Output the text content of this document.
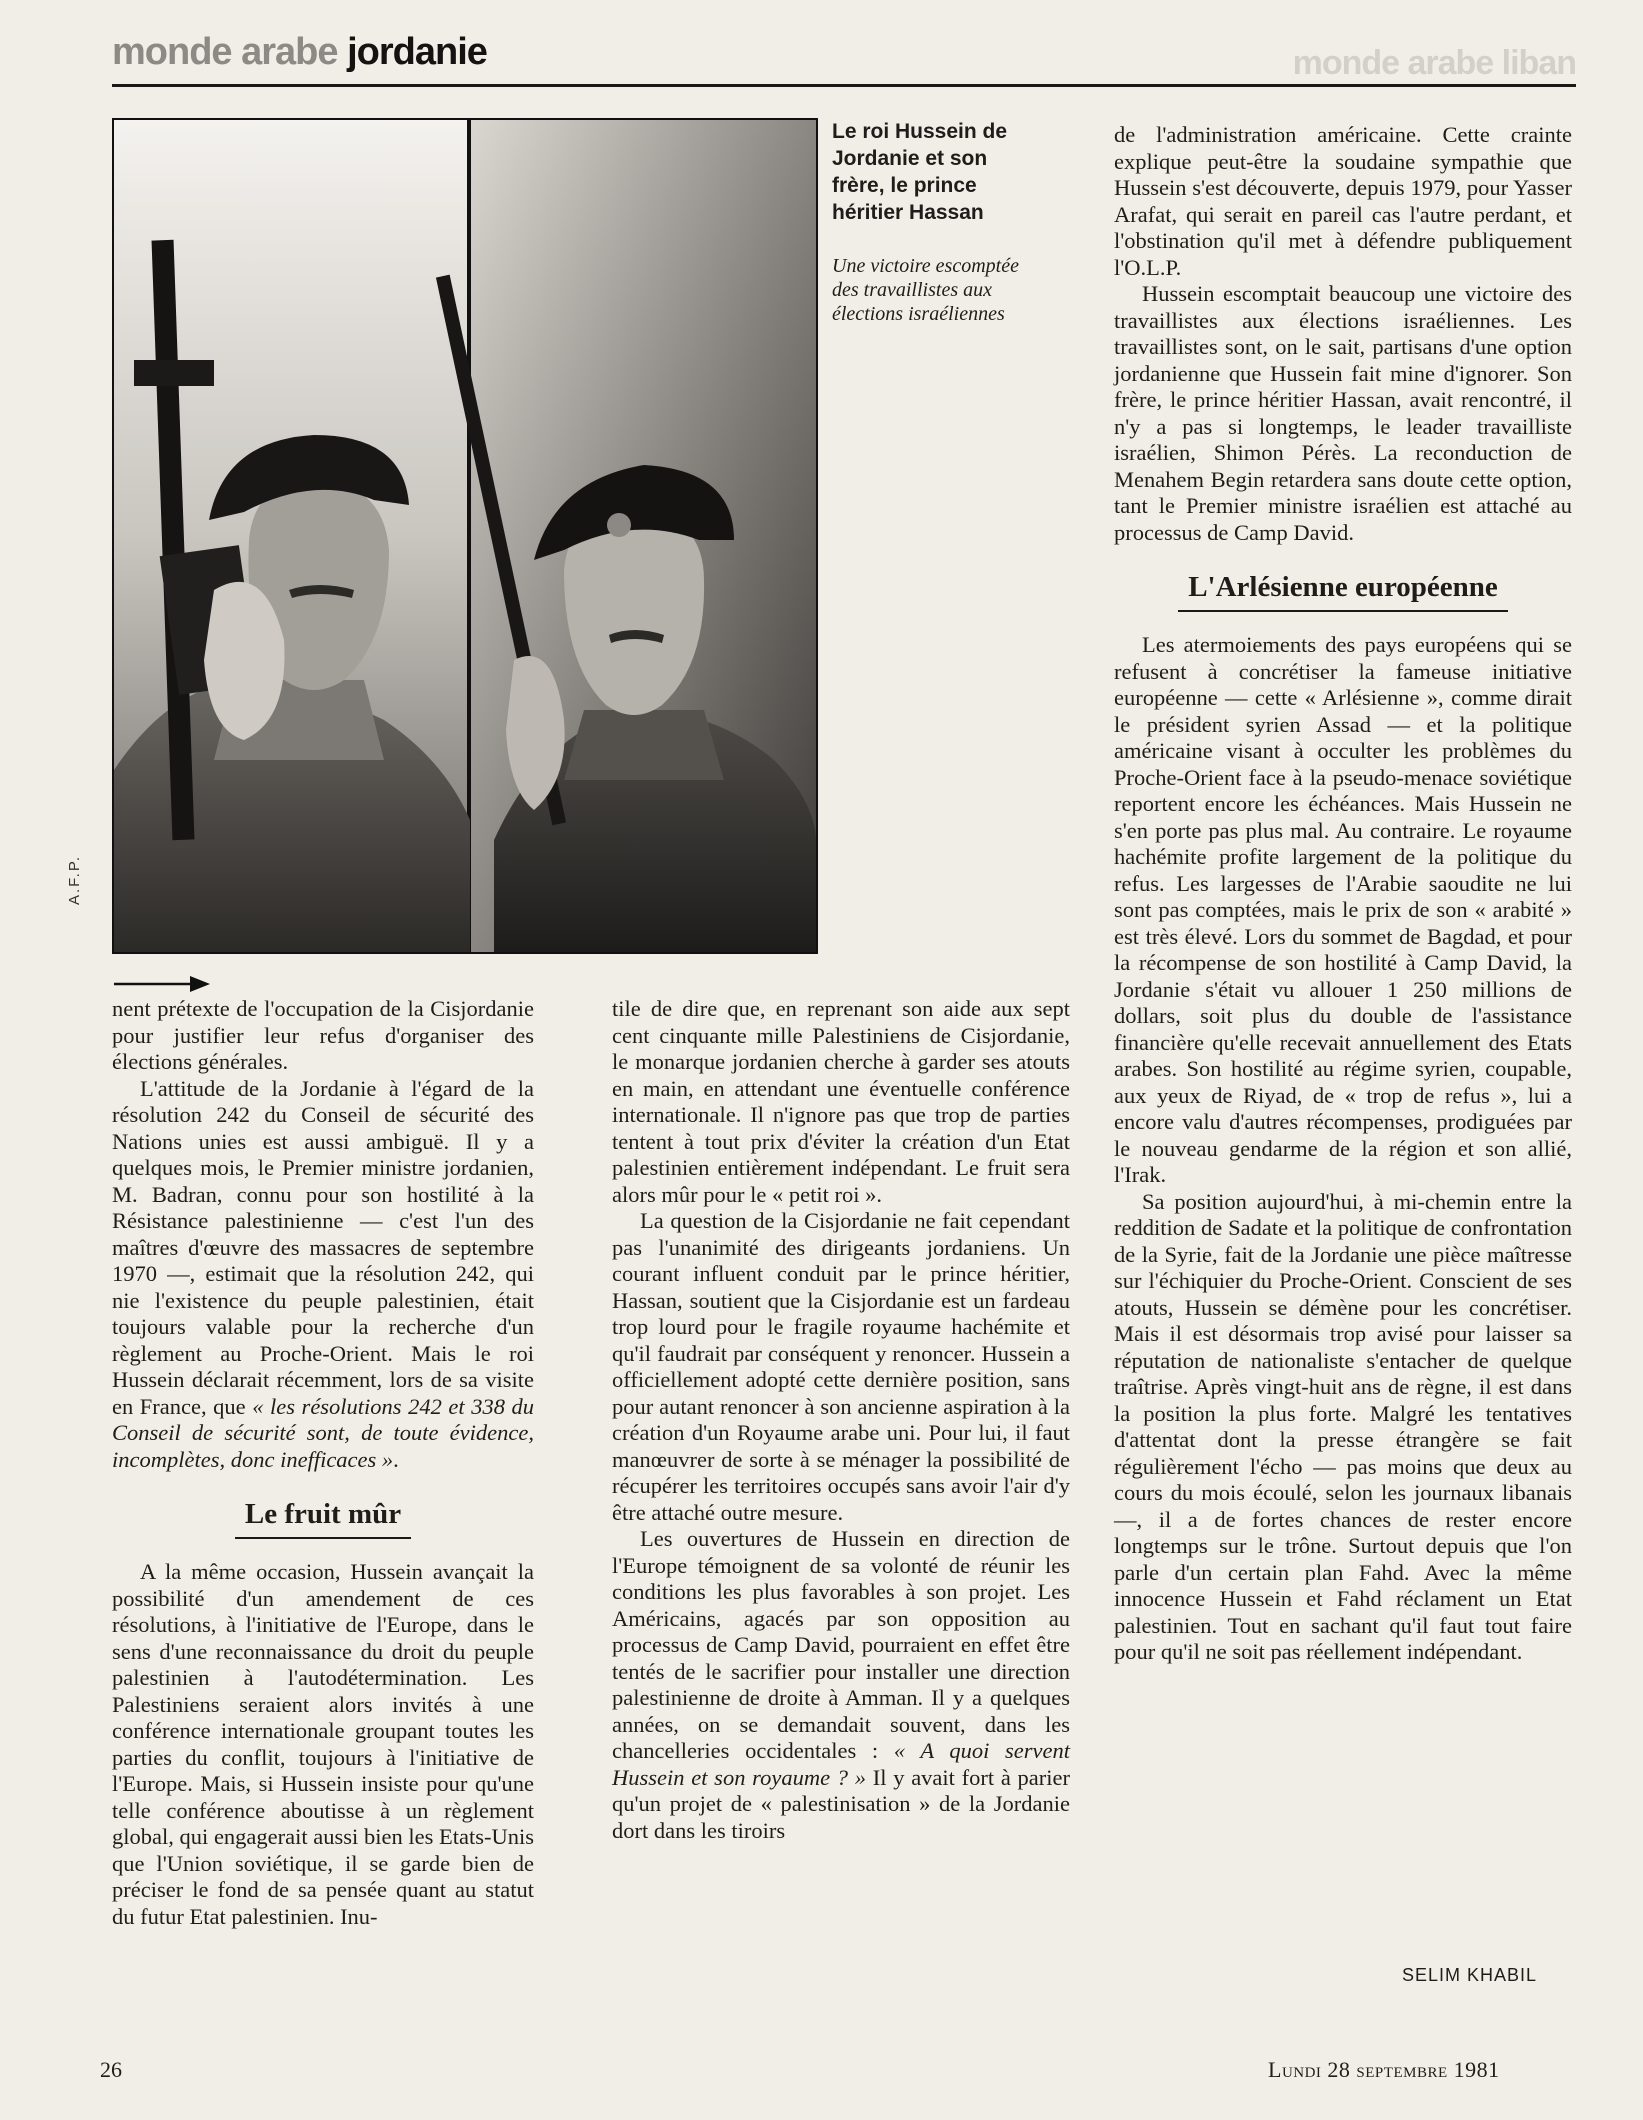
monde arabe jordanie	monde arabe liban
A.F.P.

Le roi Hussein de Jordanie et son frère, le prince héritier Hassan

Une victoire escomptée des travaillistes aux élections israéliennes

nent prétexte de l'occupation de la Cisjordanie pour justifier leur refus d'organiser des élections générales.

L'attitude de la Jordanie à l'égard de la résolution 242 du Conseil de sécurité des Nations unies est aussi ambiguë. Il y a quelques mois, le Premier ministre jordanien, M. Badran, connu pour son hostilité à la Résistance palestinienne — c'est l'un des maîtres d'œuvre des massacres de septembre 1970 —, estimait que la résolution 242, qui nie l'existence du peuple palestinien, était toujours valable pour la recherche d'un règlement au Proche-Orient. Mais le roi Hussein déclarait récemment, lors de sa visite en France, que « les résolutions 242 et 338 du Conseil de sécurité sont, de toute évidence, incomplètes, donc inefficaces ».

Le fruit mûr

A la même occasion, Hussein avançait la possibilité d'un amendement de ces résolutions, à l'initiative de l'Europe, dans le sens d'une reconnaissance du droit du peuple palestinien à l'autodétermination. Les Palestiniens seraient alors invités à une conférence internationale groupant toutes les parties du conflit, toujours à l'initiative de l'Europe. Mais, si Hussein insiste pour qu'une telle conférence aboutisse à un règlement global, qui engagerait aussi bien les Etats-Unis que l'Union soviétique, il se garde bien de préciser le fond de sa pensée quant au statut du futur Etat palestinien. Inu-

tile de dire que, en reprenant son aide aux sept cent cinquante mille Palestiniens de Cisjordanie, le monarque jordanien cherche à garder ses atouts en main, en attendant une éventuelle conférence internationale. Il n'ignore pas que trop de parties tentent à tout prix d'éviter la création d'un Etat palestinien entièrement indépendant. Le fruit sera alors mûr pour le « petit roi ».

La question de la Cisjordanie ne fait cependant pas l'unanimité des dirigeants jordaniens. Un courant influent conduit par le prince héritier, Hassan, soutient que la Cisjordanie est un fardeau trop lourd pour le fragile royaume hachémite et qu'il faudrait par conséquent y renoncer. Hussein a officiellement adopté cette dernière position, sans pour autant renoncer à son ancienne aspiration à la création d'un Royaume arabe uni. Pour lui, il faut manœuvrer de sorte à se ménager la possibilité de récupérer les territoires occupés sans avoir l'air d'y être attaché outre mesure.

Les ouvertures de Hussein en direction de l'Europe témoignent de sa volonté de réunir les conditions les plus favorables à son projet. Les Américains, agacés par son opposition au processus de Camp David, pourraient en effet être tentés de le sacrifier pour installer une direction palestinienne de droite à Amman. Il y a quelques années, on se demandait souvent, dans les chancelleries occidentales : « A quoi servent Hussein et son royaume ? » Il y avait fort à parier qu'un projet de « palestinisation » de la Jordanie dort dans les tiroirs

de l'administration américaine. Cette crainte explique peut-être la soudaine sympathie que Hussein s'est découverte, depuis 1979, pour Yasser Arafat, qui serait en pareil cas l'autre perdant, et l'obstination qu'il met à défendre publiquement l'O.L.P.

Hussein escomptait beaucoup une victoire des travaillistes aux élections israéliennes. Les travaillistes sont, on le sait, partisans d'une option jordanienne que Hussein fait mine d'ignorer. Son frère, le prince héritier Hassan, avait rencontré, il n'y a pas si longtemps, le leader travailliste israélien, Shimon Pérès. La reconduction de Menahem Begin retardera sans doute cette option, tant le Premier ministre israélien est attaché au processus de Camp David.

L'Arlésienne européenne

Les atermoiements des pays européens qui se refusent à concrétiser la fameuse initiative européenne — cette « Arlésienne », comme dirait le président syrien Assad — et la politique américaine visant à occulter les problèmes du Proche-Orient face à la pseudo-menace soviétique reportent encore les échéances. Mais Hussein ne s'en porte pas plus mal. Au contraire. Le royaume hachémite profite largement de la politique du refus. Les largesses de l'Arabie saoudite ne lui sont pas comptées, mais le prix de son « arabité » est très élevé. Lors du sommet de Bagdad, et pour la récompense de son hostilité à Camp David, la Jordanie s'était vu allouer 1 250 millions de dollars, soit plus du double de l'assistance financière qu'elle recevait annuellement des Etats arabes. Son hostilité au régime syrien, coupable, aux yeux de Riyad, de « trop de refus », lui a encore valu d'autres récompenses, prodiguées par le nouveau gendarme de la région et son allié, l'Irak.

Sa position aujourd'hui, à mi-chemin entre la reddition de Sadate et la politique de confrontation de la Syrie, fait de la Jordanie une pièce maîtresse sur l'échiquier du Proche-Orient. Conscient de ses atouts, Hussein se démène pour les concrétiser. Mais il est désormais trop avisé pour laisser sa réputation de nationaliste s'entacher de quelque traîtrise. Après vingt-huit ans de règne, il est dans la position la plus forte. Malgré les tentatives d'attentat dont la presse étrangère se fait régulièrement l'écho — pas moins que deux au cours du mois écoulé, selon les journaux libanais —, il a de fortes chances de rester encore longtemps sur le trône. Surtout depuis que l'on parle d'un certain plan Fahd. Avec la même innocence Hussein et Fahd réclament un Etat palestinien. Tout en sachant qu'il faut tout faire pour qu'il ne soit pas réellement indépendant.

SELIM KHABIL
26	Lundi 28 septembre 1981
